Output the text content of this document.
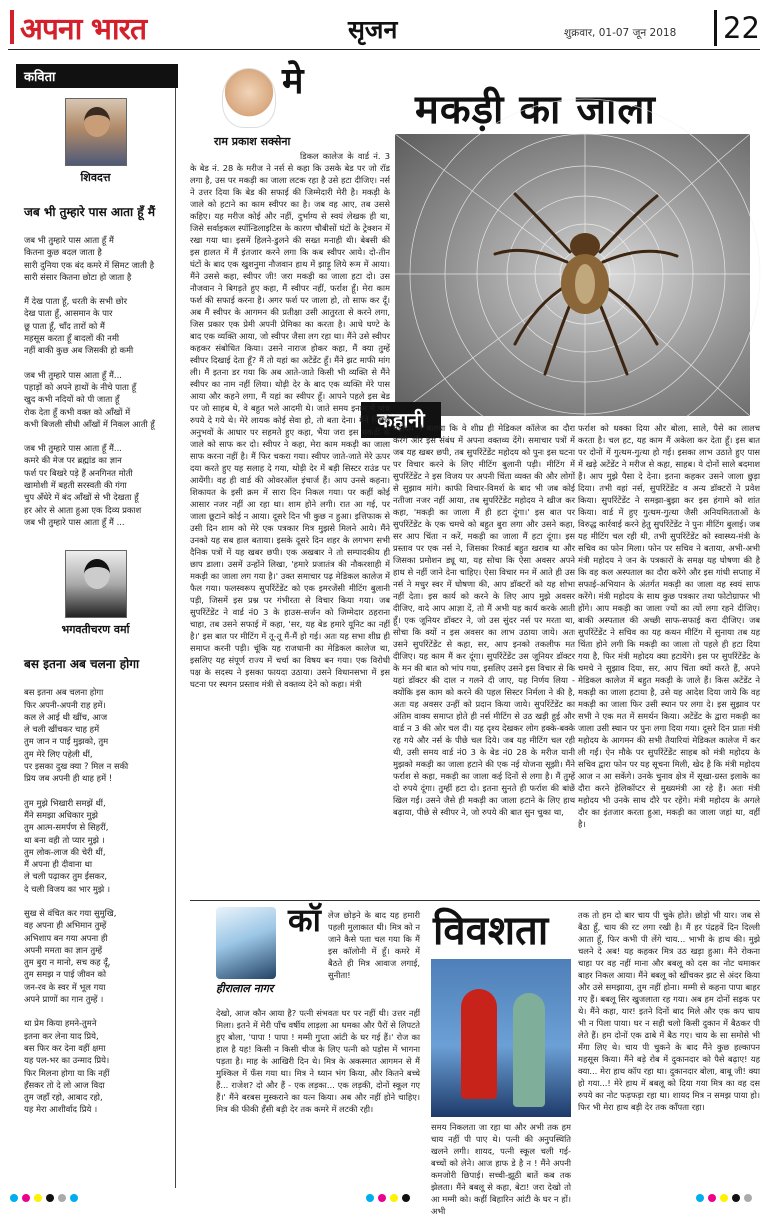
अपना भारत	सृजन	शुक्रवार, 01-07 जून 2018	22
कविता
शिवदत्त
जब भी तुम्हारे पास आता हूँ मैं
जब भी तुम्हारे पास आता हूँ मैं
कितना कुछ बदल जाता है
सारी दुनिया एक बंद कमरे में सिमट जाती है
सारी संसार कितना छोटा हो जाता है
मैं देख पाता हूँ, धरती के सभी छोर
देख पाता हूँ, आसमान के पार
छू पाता हूँ, चाँद तारों को मैं
महसूस करता हूँ बादलों की नमी
नहीं बाकी कुछ अब जिसकी हो कमी
जब भी तुम्हारे पास आता हूँ मैं...
पहाड़ों को अपने हाथों के नीचे पाता हूँ
खुद कभी नदियों को पी जाता हूँ
रोक देता हूँ कभी वक्त को आँखों में
कभी बिजली सीधी आँखों में निकल आती हूँ
जब भी तुम्हारे पास आता हूँ मैं...
कमरे की मेज पर ब्रह्मांड का ज्ञान
फर्श पर बिखरे पड़े हैं अनगिनत मोती
खामोशी में बहती सरस्वती की गंगा
चुप अँधेरे में बंद आँखों से भी देखता हूँ
हर ओर से आता हुआ एक दिव्य प्रकाश
जब भी तुम्हारे पास आता हूँ मैं ...
भगवतीचरण वर्मा
बस इतना अब चलना होगा
बस इतना अब चलना होगा
फिर अपनी-अपनी राह हमें।
कल ले आई थी खींच, आज
ले चली खींचकर चाह हमें
तुम जान न पाईं मुझको, तुम
तुम मेरे लिए पहेली थीं,
पर इसका दुख क्या ? मिल न सकी
प्रिय जब अपनी ही थाह हमें !
तुम मुझे भिखारी समझें थीं,
मैंने समझा अधिकार मुझे
तुम आत्म-समर्पण से सिहरीं,
था बना वही तो प्यार मुझे ।
तुम लोक-लाज की चेरी थीं,
मैं अपना ही दीवाना था
ले चली पढ़ाकर तुम ईसकर,
दे चली विजय का भार मुझे ।
सुख से वंचित कर गया सुमुखि,
वह अपना ही अभिमान तुम्हें
अभिशाप बन गया अपना ही
अपनी ममता का ज्ञान तुम्हें
तुम बुरा न मानो, सच कह दूँ,
तुम समझ न पाई जीवन को
जन-रव के स्वर में भूल गया
अपने प्राणों का गान तुम्हें ।
था प्रेम किया हमने-तुमने
इतना कर लेना याद प्रिये,
बस फिर कर देना वहीं क्षमा
यह पल-भर का उन्माद प्रिये।
फिर मिलना होगा या कि नहीं
हँसकर तो दे लो आज विदा
तुम जहाँ रहो, आबाद रहो,
यह मेरा आशीर्वाद प्रिये ।
राम प्रकाश सक्सेना
मे
मकड़ी का जाला
कहानी
डिकल कालेज के वार्ड नं. 3 के बेड नं. 28 के मरीज ने नर्स से कहा कि उसके बेड पर जो रॉड लगा है, उस पर मकड़ी का जाला लटक रहा है उसे हटा दीजिए। नर्स ने उत्तर दिया कि बेड की सफाई की जिम्मेदारी मेरी है। मकड़ी के जाले को हटाने का काम स्वीपर का है। जब वह आए, तब उससे कहिए। यह मरीज कोई और नहीं, दुर्भाग्य से स्वयं लेखक ही था, जिसे सर्वाइकल स्पॉन्डिलाइटिस के कारण चौबीसों घंटों के ट्रेक्शन में रखा गया था। इसमें हिलने-डुलने की सख्त मनाही थी। बेबसी की इस हालत में मैं इंतजार करने लगा कि कब स्वीपर आये। दो-तीन घंटों के बाद एक खुशनुमा नौजवान हाथ में झाड़ू लिये रूम में आया। मैंने उससे कहा, स्वीपर जी! जरा मकड़ी का जाला हटा दो। उस नौजवान ने बिगड़ते हुए कहा, मैं स्वीपर नहीं, फर्राश हूँ। मेरा काम फर्श की सफाई करना है। अगर फर्श पर जाला हो, तो साफ कर दूँ। अब मैं स्वीपर के आगमन की प्रतीक्षा उसी आतुरता से करने लगा, जिस प्रकार एक प्रेमी अपनी प्रेमिका का करता है। आधे घण्टे के बाद एक व्यक्ति आया, जो स्वीपर जैसा लग रहा था। मैंने उसे स्वीपर कहकर संबोधित किया। उसने नाराज होकर कहा, मैं क्या तुम्हें स्वीपर दिखाई देता हूँ? मैं तो यहां का अटेंडेंट हूँ। मैंने झट माफी मांग ली। मैं इतना डर गया कि अब आते-जाते किसी भी व्यक्ति से मैंने स्वीपर का नाम नहीं लिया। थोड़ी देर के बाद एक व्यक्ति मेरे पास आया और कहने लगा, मैं यहां का स्वीपर हूँ। आपने पहले इस बेड पर जो साहब थे, वे बहुत भले आदमी थे। जाते समय इनाम में पांच रुपये दे गये थे। मेरे लायक कोई सेवा हो, तो बता देना। मैंने पिछले अनुभवों के आधार पर सहमते हुए कहा, भैया जरा इस मकड़ी के जाले को साफ कर दो। स्वीपर ने कहा, मेरा काम मकड़ी का जाला साफ करना नहीं है। मैं फिर चकरा गया। स्वीपर जाते-जाते मेरे ऊपर दया करते हुए यह सलाह दे गया, थोड़ी देर में बड़ी सिस्टर राउंड पर आयेंगी। वह ही वार्ड की ओवरऑल इंचार्ज हैं। आप उनसे कहना। शिकायत के इसी क्रम में सारा दिन निकल गया। पर कहीं कोई आसार नजर नहीं आ रहा था। शाम होने लगी। रात आ गई, पर जाला छूटाने कोई न आया। दूसरे दिन भी कुछ न हुआ। इत्तिफाक से उसी दिन शाम को मेरे एक पत्रकार मित्र मुझसे मिलने आये। मैंने उनको यह सब हाल बताया। इसके दूसरे दिन शहर के लगभग सभी दैनिक पत्रों में यह खबर छपी। एक अखबार ने तो सम्पादकीय ही छाप डाला। उसमें उन्होंने लिखा, 'हमारे प्रजातंत्र की नौकरशाही में मकड़ी का जाला लग गया है।' उक्त समाचार पढ़ मेडिकल कालेज में फैल गया। फलस्वरूप सुपरिंटेंडेंट को एक इमरजेंसी मीटिंग बुलानी पड़ी, जिसमें इस प्रश्न पर गंभीरता से विचार किया गया। जब सुपरिंटेंडेंट ने वार्ड नं0 3 के हाउस-सर्जन को जिम्मेदार ठहराना चाहा, तब उसने सफाई में कहा, 'सर, यह बेड हमारे यूनिट का नहीं है।' इस बात पर मीटिंग में तू-तू मैं-मैं हो गई। अतः यह सभा शीघ्र ही समाप्त करनी पड़ी। चूंकि यह राजधानी का मेडिकल कालेज था, इसलिए यह संपूर्ण राज्य में चर्चा का विषय बन गया। एक विरोधी पक्ष के सदस्य ने इसका फायदा उठाया। उसने विधानसभा में इस घटना पर स्थगन प्रस्ताव मंत्री से वक्तव्य देने को कहा। मंत्री
महोदय ने बताया कि वे शीघ्र ही मेडिकल कॉलेज का दौरा करेंगे और इस संबंध में अपना वक्तव्य देंगे। समाचार पत्रों में जब यह खबर छपी, तब सुपरिंटेंडेंट महोदय को पुनः इस घटना पर विचार करने के लिए मीटिंग बुलानी पड़ी। मीटिंग में सुपरिंटेंडेंट ने इस विजय पर अपनी चिंता व्यक्त की और लोगों से सुझाव मांगे। काफी विचार-विमर्श के बाद भी जब कोई नतीजा नजर नहीं आया, तब सुपरिंटेंडेंट महोदय ने खीज कर कहा, 'मकड़ी का जाला मैं ही हटा दूंगा।' इस बात पर सुपरिंटेंडेंट के एक चमचे को बहुत बुरा लगा और उसने कहा, सर आप चिंता न करें, मकड़ी का जाला मैं हटा दूंगा। इस प्रस्ताव पर एक नर्स ने, जिसका रिकार्ड बहुत खराब था और जिसका प्रमोशन ड्यू था, यह सोचा कि ऐसा अवसर अपने हाथ से नहीं जाने देना चाहिए। ऐसा विचार मन में आते ही उस नर्स ने मधुर स्वर में घोषणा की, आप डॉक्टरों को यह शोभा नहीं देता। इस कार्य को करने के लिए आप मुझे अवसर दीजिए, वादे आप आज्ञा दें, तो मैं अभी यह कार्य करके आती हूँ। एक जूनियर डॉक्टर ने, जो उस सुंदर नर्स पर मरता था, सोचा कि क्यों न इस अवसर का लाभ उठाया जाये। अतः उसने सुपरिंटेंडेंट से कहा, सर, आप इनको तकलीफ मत दीजिए। यह काम मैं कर दूंगा। सुपरिंटेंडेंट उस जूनियर डॉक्टर के मन की बात को भांप गया, इसलिए उसने इस विचार से कि यहां डॉक्टर की दाल न गलने दी जाए, यह निर्णय लिया - क्योंकि इस काम को करने की पहल सिस्टर निर्मला ने की है, अतः यह अवसर उन्हीं को प्रदान किया जाये। सुपरिंटेंडेंट का अंतिम वाक्य समाप्त होते ही नर्स मीटिंग से उठ खड़ी हुई और वार्ड न 3 की ओर चल दी। यह दृश्य देखकर लोग हक्के-बक्के रह गये और नर्स के पीछे चल दिये। जब यह मीटिंग चल रही थी, उसी समय वार्ड नं0 3 के बेड नं0 28 के मरीज यानी मुझको मकड़ी का जाला हटाने की एक नई योजना सूझी। मैंने फर्राश से कहा, मकड़ी का जाला कई दिनों से लगा है। मैं तुम्हें दो रुपये दूंगा। तुम्हीं हटा दो। इतना सुनते ही फर्राश की बांछें खिल गईं। उसने जैसे ही मकड़ी का जाला हटाने के लिए हाथ बढ़ाया, पीछे से स्वीपर ने, जो रुपये की बात सुन चुका था,
फर्राश को धक्का दिया और बोला, साले, पैसे का लालच करता है। चल हट, यह काम मैं अकेला कर देता हूँ। इस बात पर दोनों में गुत्थम-गुत्था हो गई। इसका लाभ उठाते हुए पास में खड़े अटेंडेंट ने मरीज से कहा, साहब। ये दोनों साले बदमाश हैं। आप मुझे पैसा दे देना। इतना कहकर उसने जाला छुड़ा दिया। तभी वहां नर्स, सुपरिंटेंडेंट व अन्य डॉक्टरों ने प्रवेश किया। सुपरिंटेंडेंट ने समझा-बुझा कर इस हंगामे को शांत किया। वार्ड में हुए गुत्थम-गुत्था जैसी अनियमितताओं के विरुद्ध कार्रवाई करने हेतु सुपरिंटेंडेंट ने पुनः मीटिंग बुलाई। जब यह मीटिंग चल रही थी, तभी सुपरिंटेंडेंट को स्वास्थ्य-मंत्री के सचिव का फोन मिला। फोन पर सचिव ने बताया, अभी-अभी मंत्री महोदय ने जन के पत्रकारों के समक्ष यह घोषणा की है कि वह कल अस्पताल का दौरा करेंगे और इस गांधी सप्ताह में सफाई-अभियान के अंतर्गत मकड़ी का जाला वह स्वयं साफ करेंगे। मंत्री महोदय के साथ कुछ पत्रकार तथा फोटोग्राफर भी होंगे। आप मकड़ी का जाला ज्यों का त्यों लगा रहने दीजिए। बाकी अस्पताल की अच्छी साफ-सफाई करा दीजिए। जब सुपरिंटेंडेंट ने सचिव का यह कथन मीटिंग में सुनाया तब यह चिंता होने लगी कि मकड़ी का जाला तो पहले ही हटा दिया गया है, फिर मंत्री महोदय क्या हटायेंगे। इस पर सुपरिंटेंडेंट के चमचे ने सुझाव दिया, सर, आप चिंता क्यों करते हैं, अपने मेडिकल कालेज में बहुत मकड़ी के जाले हैं। किस अटेंडेंट ने मकड़ी का जाला हटाया है, उसे यह आदेश दिया जाये कि वह मकड़ी का जाला फिर उसी स्थान पर लगा दे। इस सुझाव पर सभी ने एक मत में समर्थन किया। अटेंडेंट के द्वारा मकड़ी का जाला उसी स्थान पर पुनः लगा दिया गया। दूसरे दिन प्रातः मंत्री महोदय के आगमन की सभी तैयारियां मेडिकल कालेज में कर ली गईं। ऐन मौके पर सुपरिंटेंडेंट साहब को मंत्री महोदय के सचिव द्वारा फोन पर यह सूचना मिली, खेद है कि मंत्री महोदय आज न आ सकेंगे। उनके चुनाव क्षेत्र में सूखा-ग्रस्त इलाके का दौरा करने हेलिकॉप्टर से मुख्यमंत्री आ रहे हैं। अतः मंत्री महोदय भी उनके साथ दौरे पर रहेंगे। मंत्री महोदय के अगले दौर का इंतजार करता हुआ, मकड़ी का जाला जहां था, वहीं है।
हीरालाल नागर
कॉ लेज छोड़ने के बाद यह हमारी पहली मुलाकात थी। मित्र को न जाने कैसे पता चल गया कि मैं इस कॉलोनी में हूँ। कमरे में बैठते ही मित्र आवाज लगाई, सुनीता!
देखो, आज कौन आया है? पत्नी संभवतः घर पर नहीं थी। उत्तर नहीं मिला। इतने में मेरी पाँच वर्षीय लाड़ला आ धमका और पैरों से लिपटते हुए बोला, 'पापा ! पापा ! मम्मी गुप्ता आंटी के घर गई हैं।' रोज का हाल है यह! किसी न किसी चीज के लिए पत्नी को पड़ोस में भागना पड़ता है। माह के आखिरी दिन थे। मित्र के अकस्मात आगमन से मैं मुश्किल में फँस गया था। मित्र ने ध्यान भंग किया, और कितने बच्चे हैं... राजेश? दो और हैं - एक लड़का... एक लड़की, दोनों स्कूल गए हैं।' मैंने बरबस मुस्कराने का यत्न किया। अब और नहीं होने चाहिए। मित्र की फीकी हँसी बड़ी देर तक कमरे में लटकी रही।
विवशता
समय निकलता जा रहा था और अभी तक हम चाय नहीं पी पाए थे। पत्नी की अनुपस्थिति खलने लगी। शायद, पत्नी स्कूल चली गई- बच्चों को लेने। आज हाफ डे है न ! मैंने अपनी कमजोरी छिपाई। सच्ची-झूठी बातें कब तक झेलता। मैंने बबलू से कहा, बेटा! जरा देखो तो आ मम्मी को। कहीं बिहारिन आंटी के घर न हों। अभी
तक तो हम दो बार चाय पी चुके होते। छोड़ो भी यार। जब से बैठा हूँ, चाय की रट लगा रखी है। मैं हर पंद्रहवें दिन दिल्ली आता हूँ, फिर कभी पी लेंगे चाय... भाभी के हाथ की। मुझे चलने दे अब! यह कहकर मित्र उठ खड़ा हुआ। मैंने रोकना चाहा पर वह नहीं माना और बबलू को दस का नोट थमाकर बाहर निकल आया। मैंने बबलू को खींचकर झट से अंदर किया और उसे समझाया, तुम नहीं होना। मम्मी से कहना पापा बाहर गए हैं। बबलू सिर खुजलाता रह गया। अब हम दोनों सड़क पर थे। मैंने कहा, यार! इतने दिनों बाद मिले और एक कप चाय भी न पिला पाया। घर न सही चलो किसी दुकान में बैठकर पी लेते हैं। हम दोनों एक ढाबे में बैठ गए। चाय के सा समोसे भी मँगा लिए थे। चाय पी चुकने के बाद मैंने कुछ हल्कापन महसूस किया। मैंने बड़े रोब में दुकानदार को पैसे बढ़ाए! यह क्या... मेरा हाथ कॉप रहा था। दुकानदार बोला, बाबू जी! क्या हो गया...! मेरे हाथ में बबलू को दिया गया मित्र का वह दस रुपये का नोट फड़फड़ा रहा था। शायद मित्र न समझ पाया हो। फिर भी मेरा हाथ बड़ी देर तक काँपता रहा।
